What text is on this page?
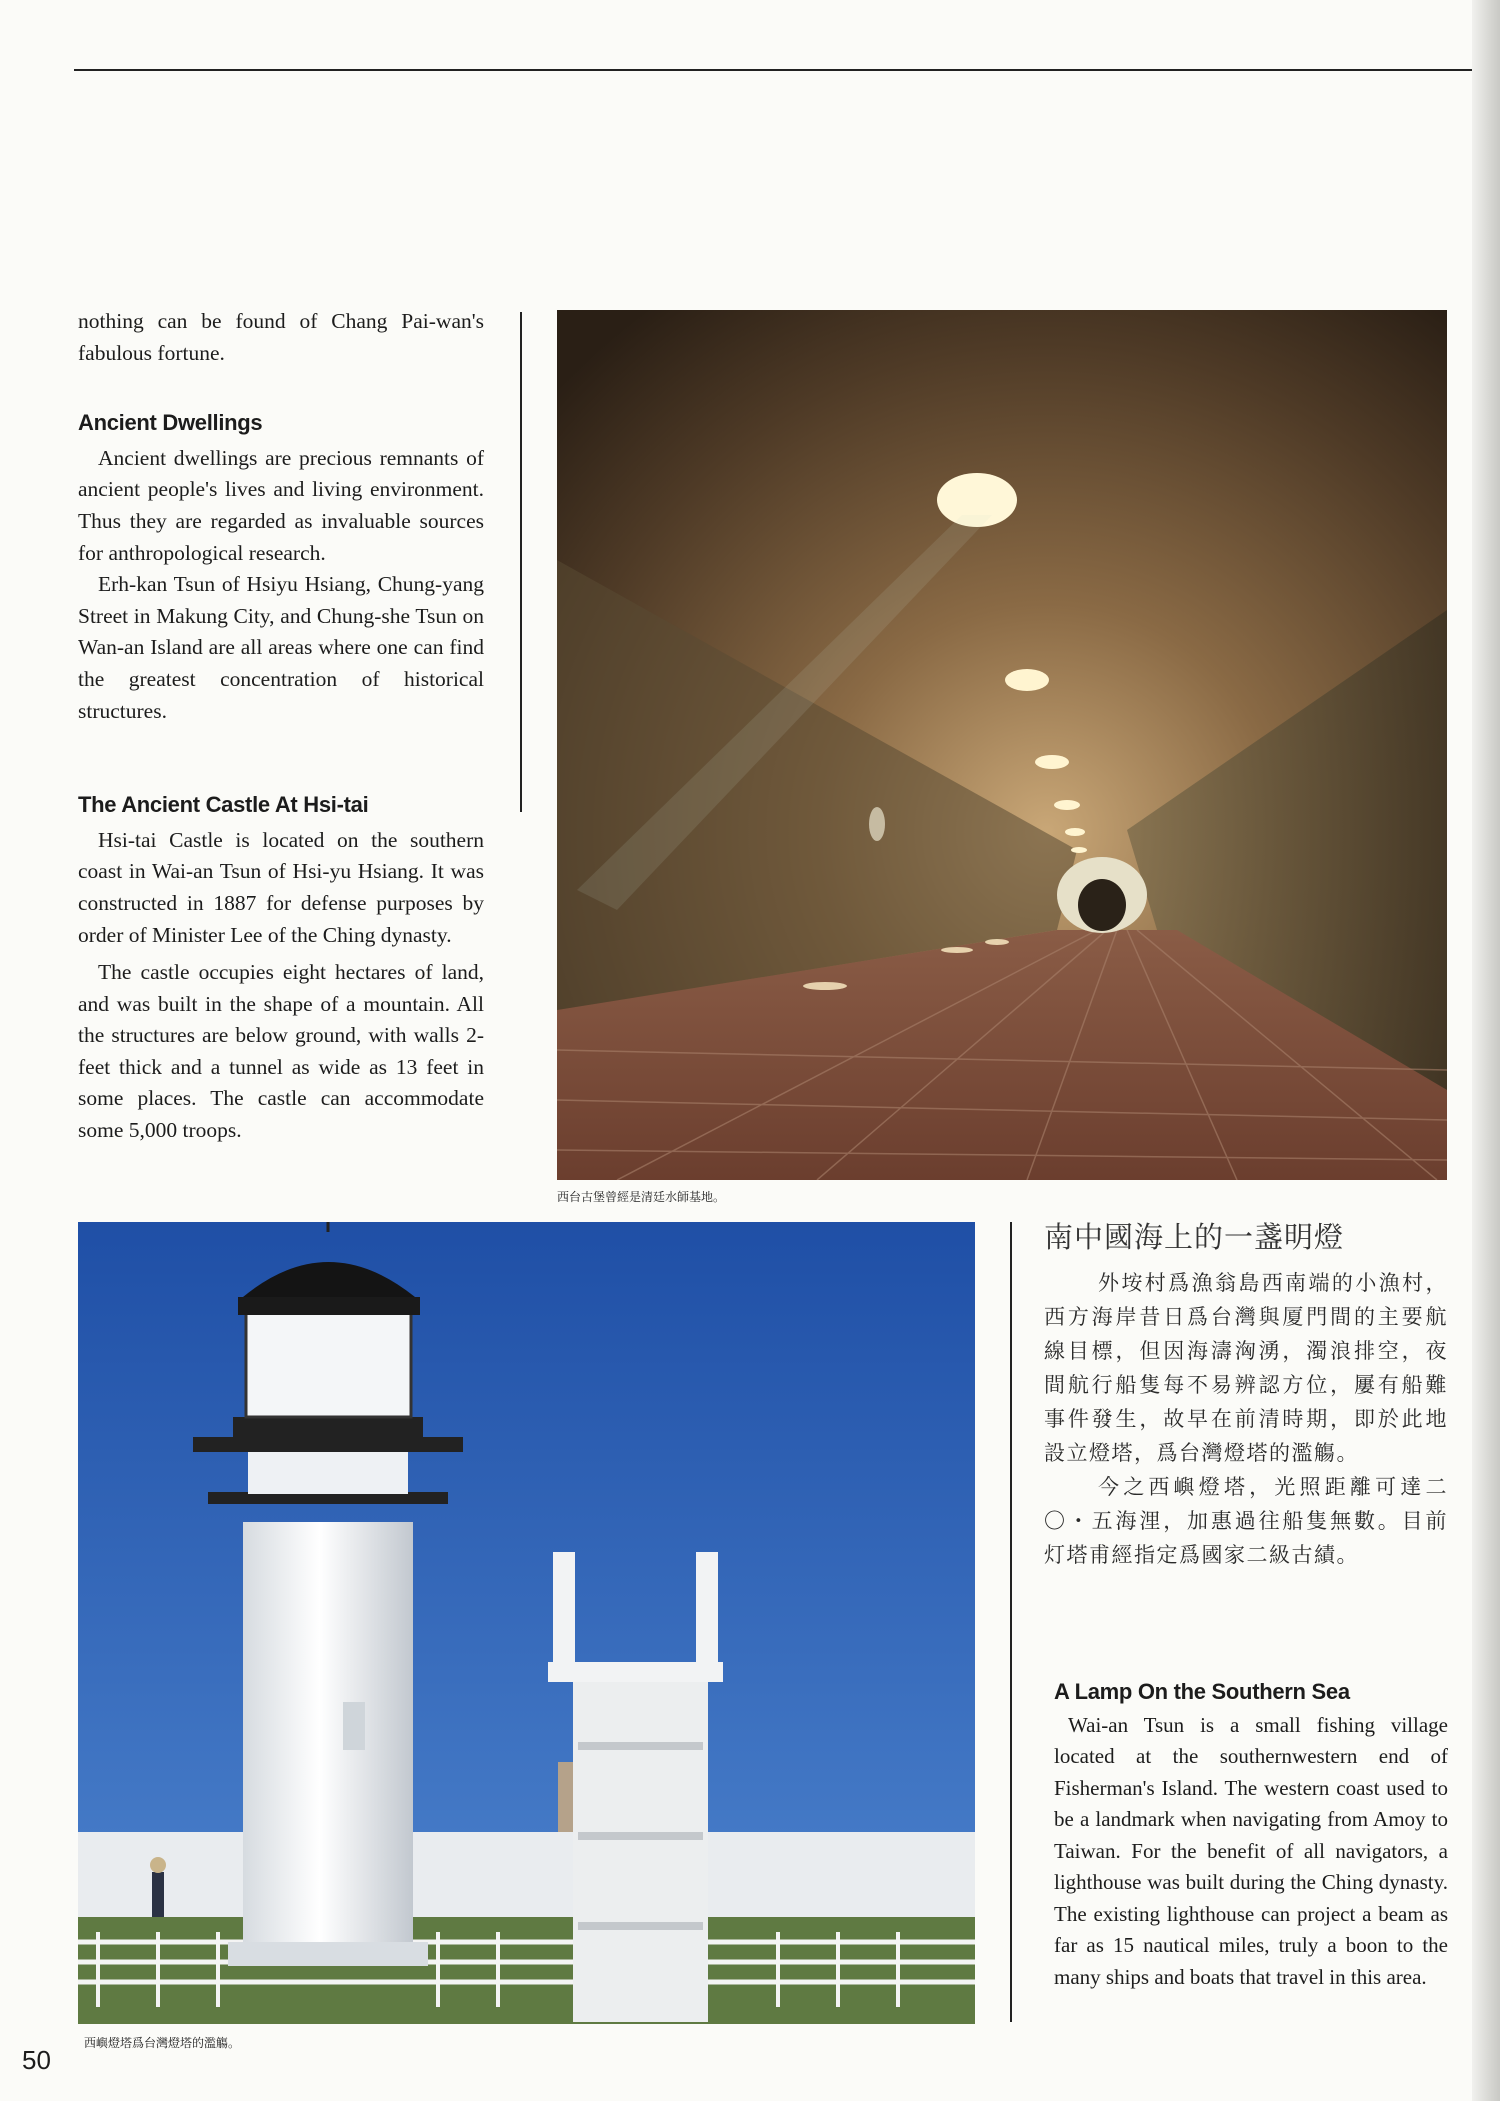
nothing can be found of Chang Pai-wan's fabulous fortune.

Ancient Dwellings

Ancient dwellings are precious remnants of ancient people's lives and living environment. Thus they are regarded as invaluable sources for anthropological research.

Erh-kan Tsun of Hsiyu Hsiang, Chung-yang Street in Makung City, and Chung-she Tsun on Wan-an Island are all areas where one can find the greatest concentration of historical structures.

The Ancient Castle At Hsi-tai

Hsi-tai Castle is located on the southern coast in Wai-an Tsun of Hsi-yu Hsiang. It was constructed in 1887 for defense purposes by order of Minister Lee of the Ching dynasty.

The castle occupies eight hectares of land, and was built in the shape of a mountain. All the structures are below ground, with walls 2-feet thick and a tunnel as wide as 13 feet in some places. The castle can accommodate some 5,000 troops.

西台古堡曾經是清廷水師基地。
西嶼燈塔爲台灣燈塔的濫觴。
南中國海上的一盞明燈

外垵村爲漁翁島西南端的小漁村，西方海岸昔日爲台灣與厦門間的主要航線目標，但因海濤洶湧，濁浪排空，夜間航行船隻每不易辨認方位，屢有船難事件發生，故早在前清時期，即於此地設立燈塔，爲台灣燈塔的濫觴。

今之西嶼燈塔，光照距離可達二〇・五海浬，加惠過往船隻無數。目前灯塔甫經指定爲國家二級古績。

A Lamp On the Southern Sea

Wai-an Tsun is a small fishing village located at the southernwestern end of Fisherman's Island. The western coast used to be a landmark when navigating from Amoy to Taiwan. For the benefit of all navigators, a lighthouse was built during the Ching dynasty. The existing lighthouse can project a beam as far as 15 nautical miles, truly a boon to the many ships and boats that travel in this area.

50
